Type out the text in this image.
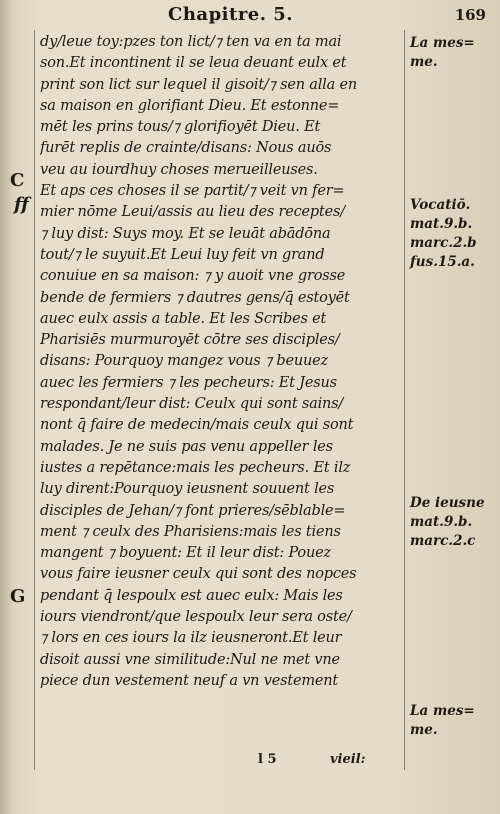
Chapitre. 5.	169
dy/leue toy:pzes ton lict/⁊ ten va en ta mai
son.Et incontinent il se leua deuant eulx et
print son lict sur lequel il gisoit/⁊ sen alla en
sa maison en glorifiant Dieu. Et estonne=
mēt les prins tous/⁊ glorifioyēt Dieu. Et
furēt replis de crainte/disans: Nous auōs
veu au iourdhuy choses merueilleuses.
Et aps ces choses il se partit/⁊ veit vn fer=
mier nōme Leui/assis au lieu des receptes/
⁊ luy dist: Suys moy. Et se leuāt abādōna
tout/⁊ le suyuit.Et Leui luy feit vn grand
conuiue en sa maison: ⁊ y auoit vne grosse
bende de fermiers ⁊ dautres gens/q̄ estoyēt
auec eulx assis a table. Et les Scribes et
Pharisiēs murmuroyēt cōtre ses disciples/
disans: Pourquoy mangez vous ⁊ beuuez
auec les fermiers ⁊ les pecheurs: Et Jesus
respondant/leur dist: Ceulx qui sont sains/
nont q̄ faire de medecin/mais ceulx qui sont
malades. Je ne suis pas venu appeller les
iustes a repētance:mais les pecheurs. Et ilz
luy dirent:Pourquoy ieusnent souuent les
disciples de Jehan/⁊ font prieres/sēblable=
ment ⁊ ceulx des Pharisiens:mais les tiens
mangent ⁊ boyuent: Et il leur dist: Pouez
vous faire ieusner ceulx qui sont des nopces
pendant q̄ lespoulx est auec eulx: Mais les
iours viendront/que lespoulx leur sera oste/
⁊ lors en ces iours la ilz ieusneront.Et leur
disoit aussi vne similitude:Nul ne met vne
piece dun vestement neuf a vn vestement
C
ff
G
La mes=
me.
Vocatiō.
mat.9.b.
marc.2.b
fus.15.a.
De ieusne
mat.9.b.
marc.2.c
La mes=
me.
l 5	vieil:
